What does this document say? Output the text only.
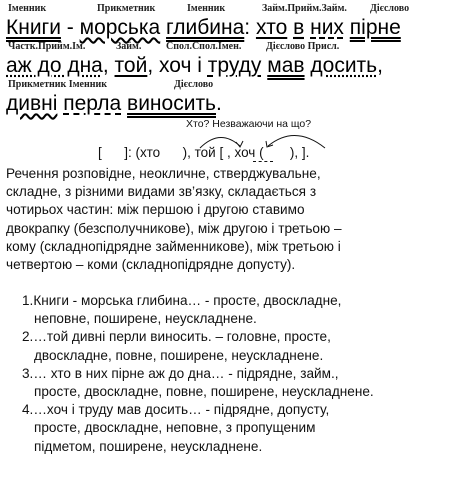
Іменник	Прикметник	Іменник	Займ.Прийм.Займ. Дієслово
Книги - морська глибина: хто в них пірне
Частк.Прийм.Ім.	Займ. Спол.Спол.Імен. Дієслово Присл.
аж до дна, той, хоч і труду мав досить,
Прикметник Іменник	Дієслово
дивні перла виносить.
Хто? Незважаючи на що?
[      ]: (хто      ), той [ , хоч (       ), ].
Речення розповідне, неокличне, стверджувальне,
складне, з різними видами зв’язку, складається з
чотирьох частин: між першою і другою ставимо
двокрапку (безсполучникове), між другою і третьою –
кому (складнопідрядне займенникове), між третьою і
четвертою – коми (складнопідрядне допусту).
1.Книги - морська глибина… - просте, двоскладне,
неповне, поширене, неускладнене.
2.…той дивні перли виносить. – головне, просте,
двоскладне, повне, поширене, неускладнене.
3.… хто в них пірне аж до дна… - підрядне, займ.,
просте, двоскладне, повне, поширене, неускладнене.
4.…хоч і труду мав досить… - підрядне, допусту,
просте, двоскладне, неповне, з пропущеним
підметом, поширене, неускладнене.
